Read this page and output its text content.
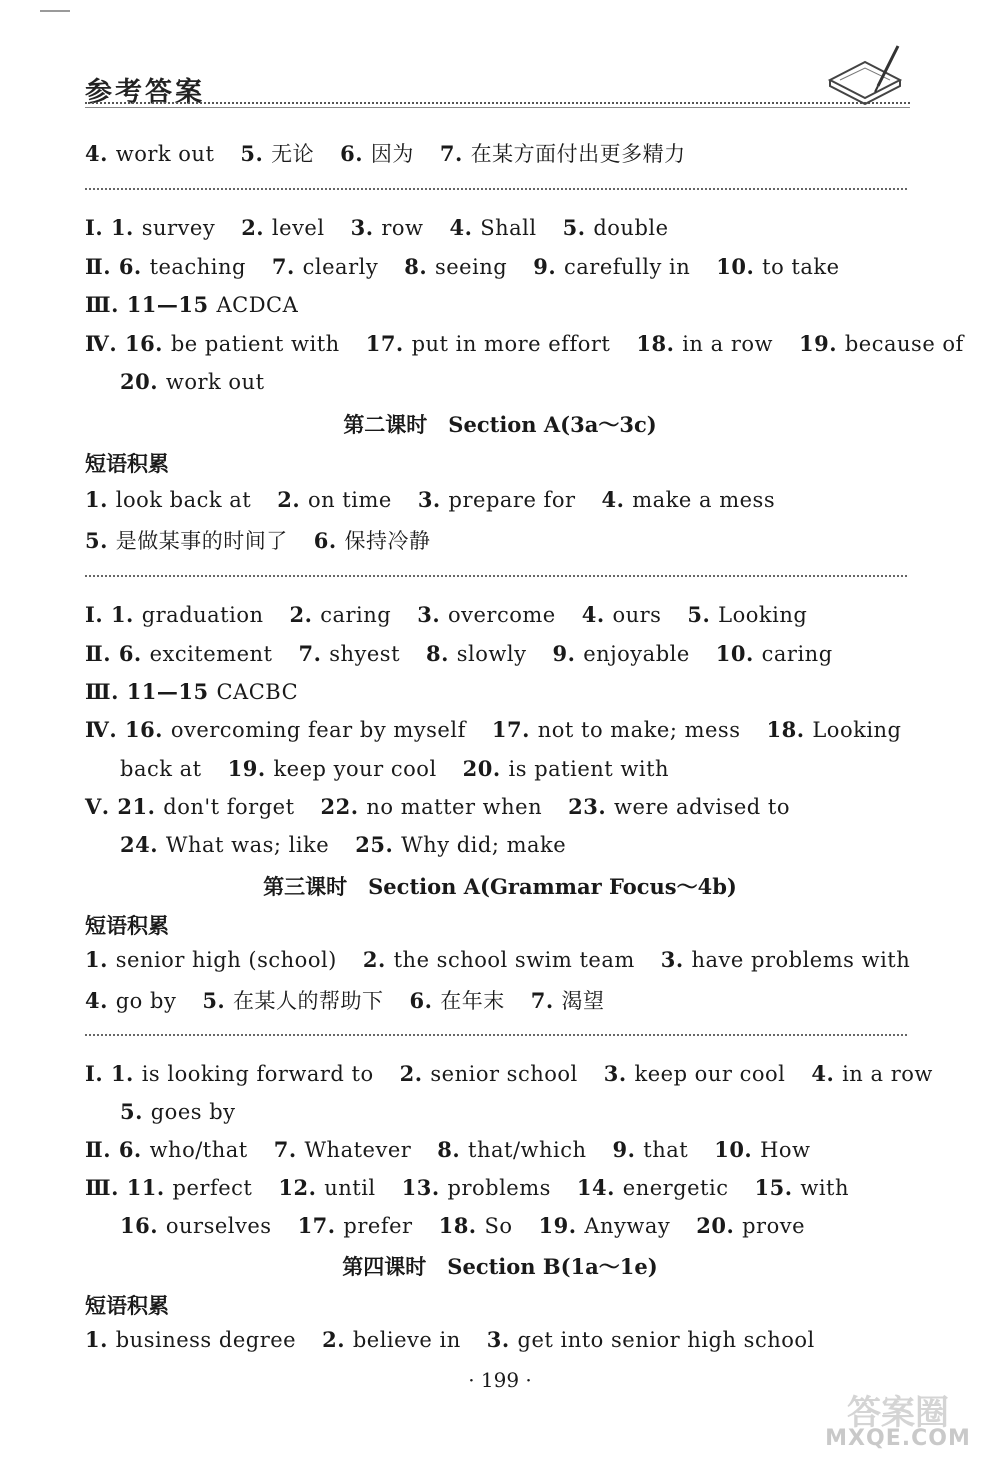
参考答案
4. work out 5. 无论 6. 因为 7. 在某方面付出更多精力
Ⅰ. 1. survey 2. level 3. row 4. Shall 5. double
Ⅱ. 6. teaching 7. clearly 8. seeing 9. carefully in 10. to take
Ⅲ. 11—15 ACDCA
Ⅳ. 16. be patient with 17. put in more effort 18. in a row 19. because of
20. work out
第二课时　Section A(3a～3c)
短语积累
1. look back at 2. on time 3. prepare for 4. make a mess
5. 是做某事的时间了 6. 保持冷静
Ⅰ. 1. graduation 2. caring 3. overcome 4. ours 5. Looking
Ⅱ. 6. excitement 7. shyest 8. slowly 9. enjoyable 10. caring
Ⅲ. 11—15 CACBC
Ⅳ. 16. overcoming fear by myself 17. not to make; mess 18. Looking
back at 19. keep your cool 20. is patient with
Ⅴ. 21. don't forget 22. no matter when 23. were advised to
24. What was; like 25. Why did; make
第三课时　Section A(Grammar Focus～4b)
短语积累
1. senior high (school) 2. the school swim team 3. have problems with
4. go by 5. 在某人的帮助下 6. 在年末 7. 渴望
Ⅰ. 1. is looking forward to 2. senior school 3. keep our cool 4. in a row
5. goes by
Ⅱ. 6. who/that 7. Whatever 8. that/which 9. that 10. How
Ⅲ. 11. perfect 12. until 13. problems 14. energetic 15. with
16. ourselves 17. prefer 18. So 19. Anyway 20. prove
第四课时　Section B(1a～1e)
短语积累
1. business degree 2. believe in 3. get into senior high school
· 199 ·
答案圈
MXQE.COM
